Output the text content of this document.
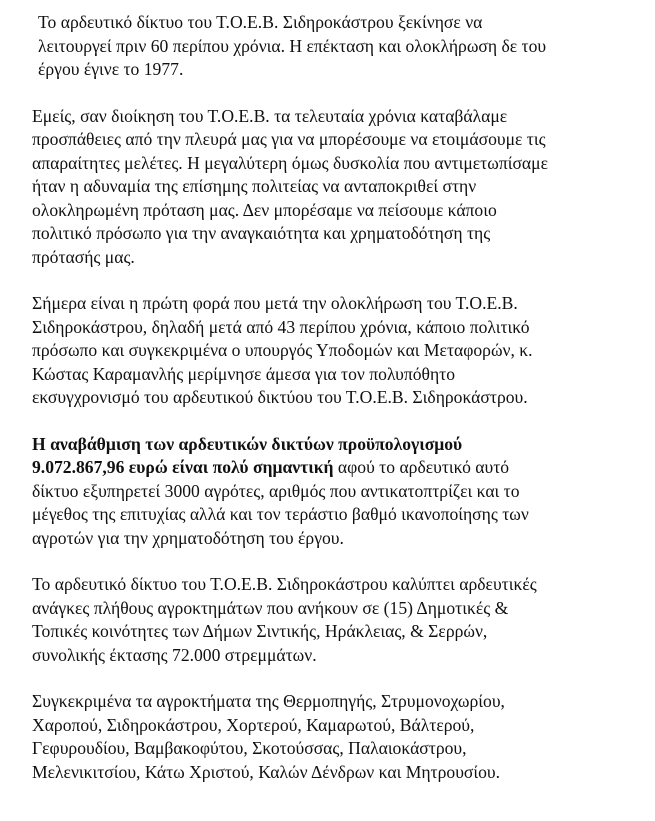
Το αρδευτικό δίκτυο του Τ.Ο.Ε.Β. Σιδηροκάστρου ξεκίνησε να
λειτουργεί πριν 60 περίπου χρόνια. Η επέκταση και ολοκλήρωση δε του
έργου έγινε το 1977.
Εμείς, σαν διοίκηση του Τ.Ο.Ε.Β. τα τελευταία χρόνια καταβάλαμε
προσπάθειες από την πλευρά μας για να μπορέσουμε να ετοιμάσουμε τις
απαραίτητες μελέτες. Η μεγαλύτερη όμως δυσκολία που αντιμετωπίσαμε
ήταν η αδυναμία της επίσημης πολιτείας να ανταποκριθεί στην
ολοκληρωμένη πρόταση μας. Δεν μπορέσαμε να πείσουμε κάποιο
πολιτικό πρόσωπο για την αναγκαιότητα και χρηματοδότηση της
πρότασής μας.
Σήμερα είναι η πρώτη φορά που μετά την ολοκλήρωση του Τ.Ο.Ε.Β.
Σιδηροκάστρου, δηλαδή μετά από 43 περίπου χρόνια, κάποιο πολιτικό
πρόσωπο και συγκεκριμένα ο υπουργός Υποδομών και Μεταφορών, κ.
Κώστας Καραμανλής μερίμνησε άμεσα για τον πολυπόθητο
εκσυγχρονισμό του αρδευτικού δικτύου του Τ.Ο.Ε.Β. Σιδηροκάστρου.
Η αναβάθμιση των αρδευτικών δικτύων προϋπολογισμού
9.072.867,96 ευρώ είναι πολύ σημαντική αφού το αρδευτικό αυτό
δίκτυο εξυπηρετεί 3000 αγρότες, αριθμός που αντικατοπτρίζει και το
μέγεθος της επιτυχίας αλλά και τον τεράστιο βαθμό ικανοποίησης των
αγροτών για την χρηματοδότηση του έργου.
Το αρδευτικό δίκτυο του Τ.Ο.Ε.Β. Σιδηροκάστρου καλύπτει αρδευτικές
ανάγκες πλήθους αγροκτημάτων που ανήκουν σε (15) Δημοτικές &
Τοπικές κοινότητες των Δήμων Σιντικής, Ηράκλειας, & Σερρών,
συνολικής έκτασης 72.000 στρεμμάτων.
Συγκεκριμένα τα αγροκτήματα της Θερμοπηγής, Στρυμονοχωρίου,
Χαροπού, Σιδηροκάστρου, Χορτερού, Καμαρωτού, Βάλτερού,
Γεφυρουδίου, Βαμβακοφύτου, Σκοτούσσας, Παλαιοκάστρου,
Μελενικιτσίου, Κάτω Χριστού, Καλών Δένδρων και Μητρουσίου.
